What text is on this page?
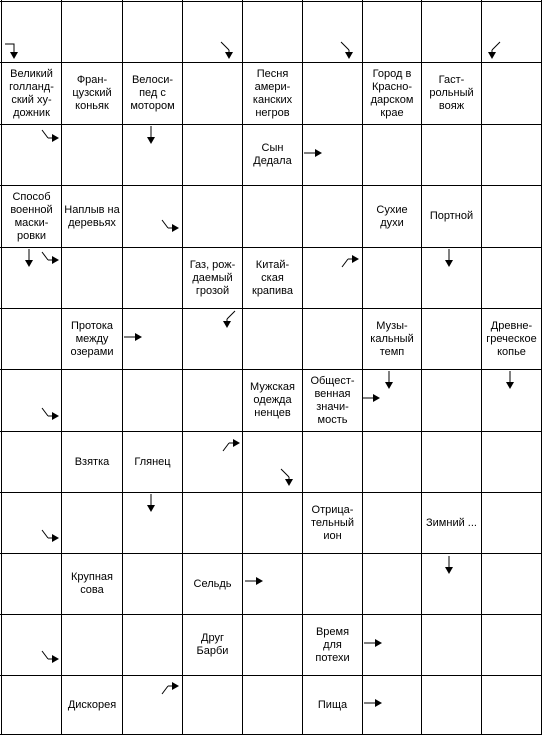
Великий
голланд-
ский ху-
дожник
Фран-
цузский
коньяк
Велоси-
пед с
мотором
Песня
амери-
канских
негров
Город в
Красно-
дарском
крае
Гаст-
рольный
вояж
Сын
Дедала
Способ
военной
маски-
ровки
Наплыв на
деревьях
Сухие
духи
Портной
Газ, рож-
даемый
грозой
Китай-
ская
крапива
Протока
между
озерами
Музы-
кальный
темп
Древне-
греческое
копье
Мужская
одежда
ненцев
Общест-
венная
значи-
мость
Взятка	Глянец
Отрица-
тельный
ион
Зимний ...
Крупная
сова
Сельдь
Друг
Барби
Время
для
потехи
Дискорея	Пища
